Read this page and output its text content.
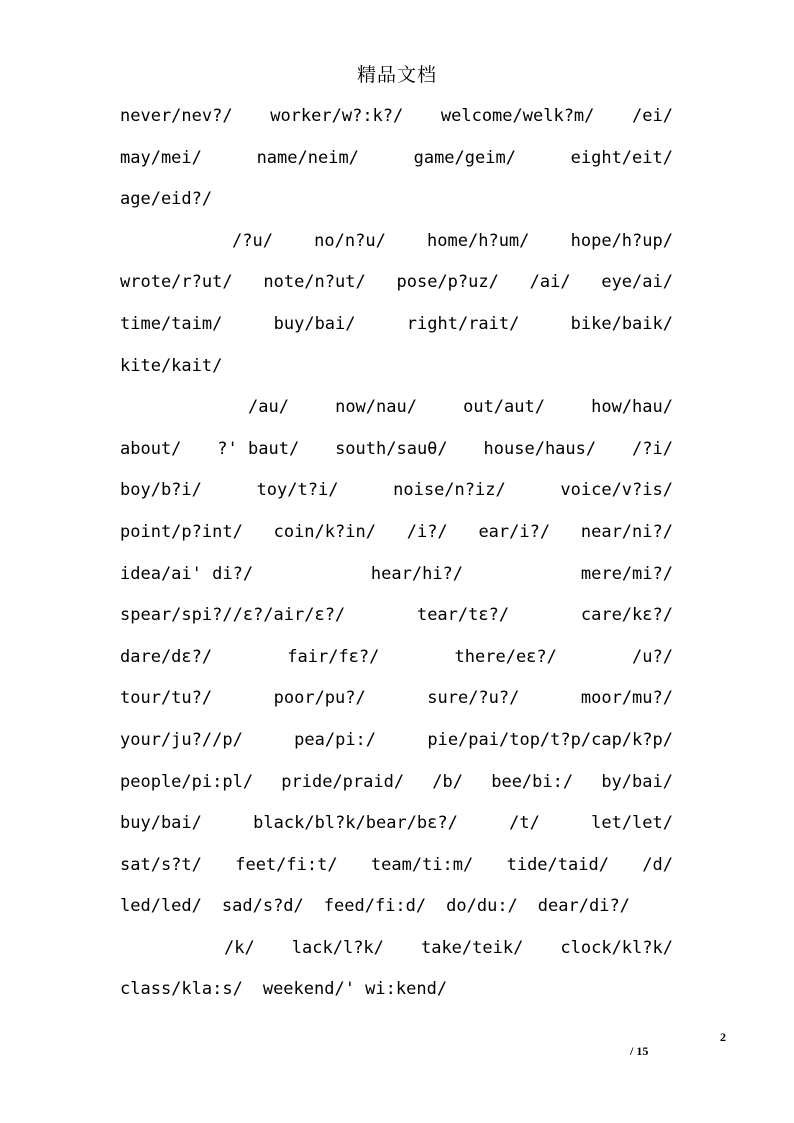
精品文档
never/nev?/ worker/w?:k?/ welcome/welk?m/ /ei/
may/mei/	name/neim/	game/geim/	eight/eit/
age/eid?/
/?u/ no/n?u/ home/h?um/ hope/h?up/
wrote/r?ut/ note/n?ut/ pose/p?uz/ /ai/ eye/ai/
time/taim/	buy/bai/	right/rait/	bike/baik/
kite/kait/
/au/	now/nau/	out/aut/	how/hau/
about/ ?' baut/ south/sauθ/ house/haus/ /?i/
boy/b?i/	toy/t?i/	noise/n?iz/	voice/v?is/
point/p?int/ coin/k?in/ /i?/ ear/i?/ near/ni?/
idea/ai' di?/	hear/hi?/	mere/mi?/
spear/spi?//ε?/air/ε?/	tear/tε?/	care/kε?/
dare/dε?/	fair/fε?/	there/eε?/	/u?/
tour/tu?/	poor/pu?/	sure/?u?/	moor/mu?/
your/ju?//p/	pea/pi:/	pie/pai/top/t?p/cap/k?p/
people/pi:pl/ pride/praid/ /b/ bee/bi:/ by/bai/
buy/bai/	black/bl?k/bear/bε?/	/t/	let/let/
sat/s?t/ feet/fi:t/ team/ti:m/ tide/taid/ /d/
led/led/ sad/s?d/ feed/fi:d/ do/du:/ dear/di?/
/k/ lack/l?k/ take/teik/ clock/kl?k/
class/kla:s/ weekend/' wi:kend/
2
/ 15
